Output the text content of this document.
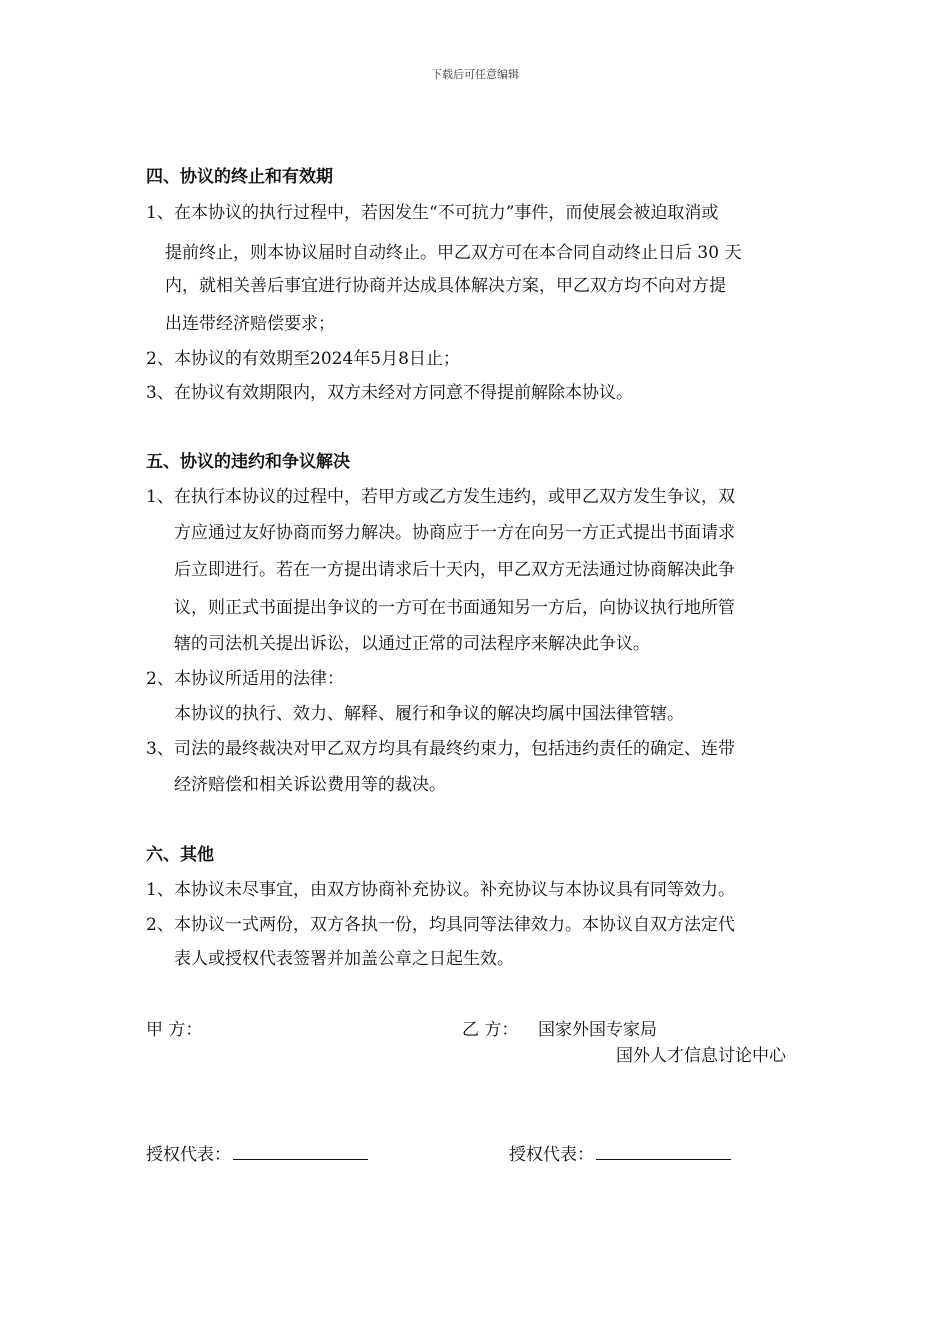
下载后可任意编辑
四、协议的终止和有效期
1、 在本协议的执行过程中，若因发生“不可抗力”事件，而使展会被迫取消或
提前终止，则本协议届时自动终止。甲乙双方可在本合同自动终止日后 30 天
内，就相关善后事宜进行协商并达成具体解决方案，甲乙双方均不向对方提
出连带经济赔偿要求；
2、 本协议的有效期至2024年5月8日止；
3、 在协议有效期限内，双方未经对方同意不得提前解除本协议。
五、协议的违约和争议解决
1、 在执行本协议的过程中，若甲方或乙方发生违约，或甲乙双方发生争议，双
方应通过友好协商而努力解决。协商应于一方在向另一方正式提出书面请求
后立即进行。若在一方提出请求后十天内，甲乙双方无法通过协商解决此争
议，则正式书面提出争议的一方可在书面通知另一方后，向协议执行地所管
辖的司法机关提出诉讼，以通过正常的司法程序来解决此争议。
2、 本协议所适用的法律：
本协议的执行、效力、解释、履行和争议的解决均属中国法律管辖。
3、 司法的最终裁决对甲乙双方均具有最终约束力，包括违约责任的确定、连带
经济赔偿和相关诉讼费用等的裁决。
六、其他
1、 本协议未尽事宜，由双方协商补充协议。补充协议与本协议具有同等效力。
2、 本协议一式两份，双方各执一份，均具同等法律效力。本协议自双方法定代
表人或授权代表签署并加盖公章之日起生效。
甲 方：	乙 方： 国家外国专家局
国外人才信息讨论中心
授权代表：	授权代表：
